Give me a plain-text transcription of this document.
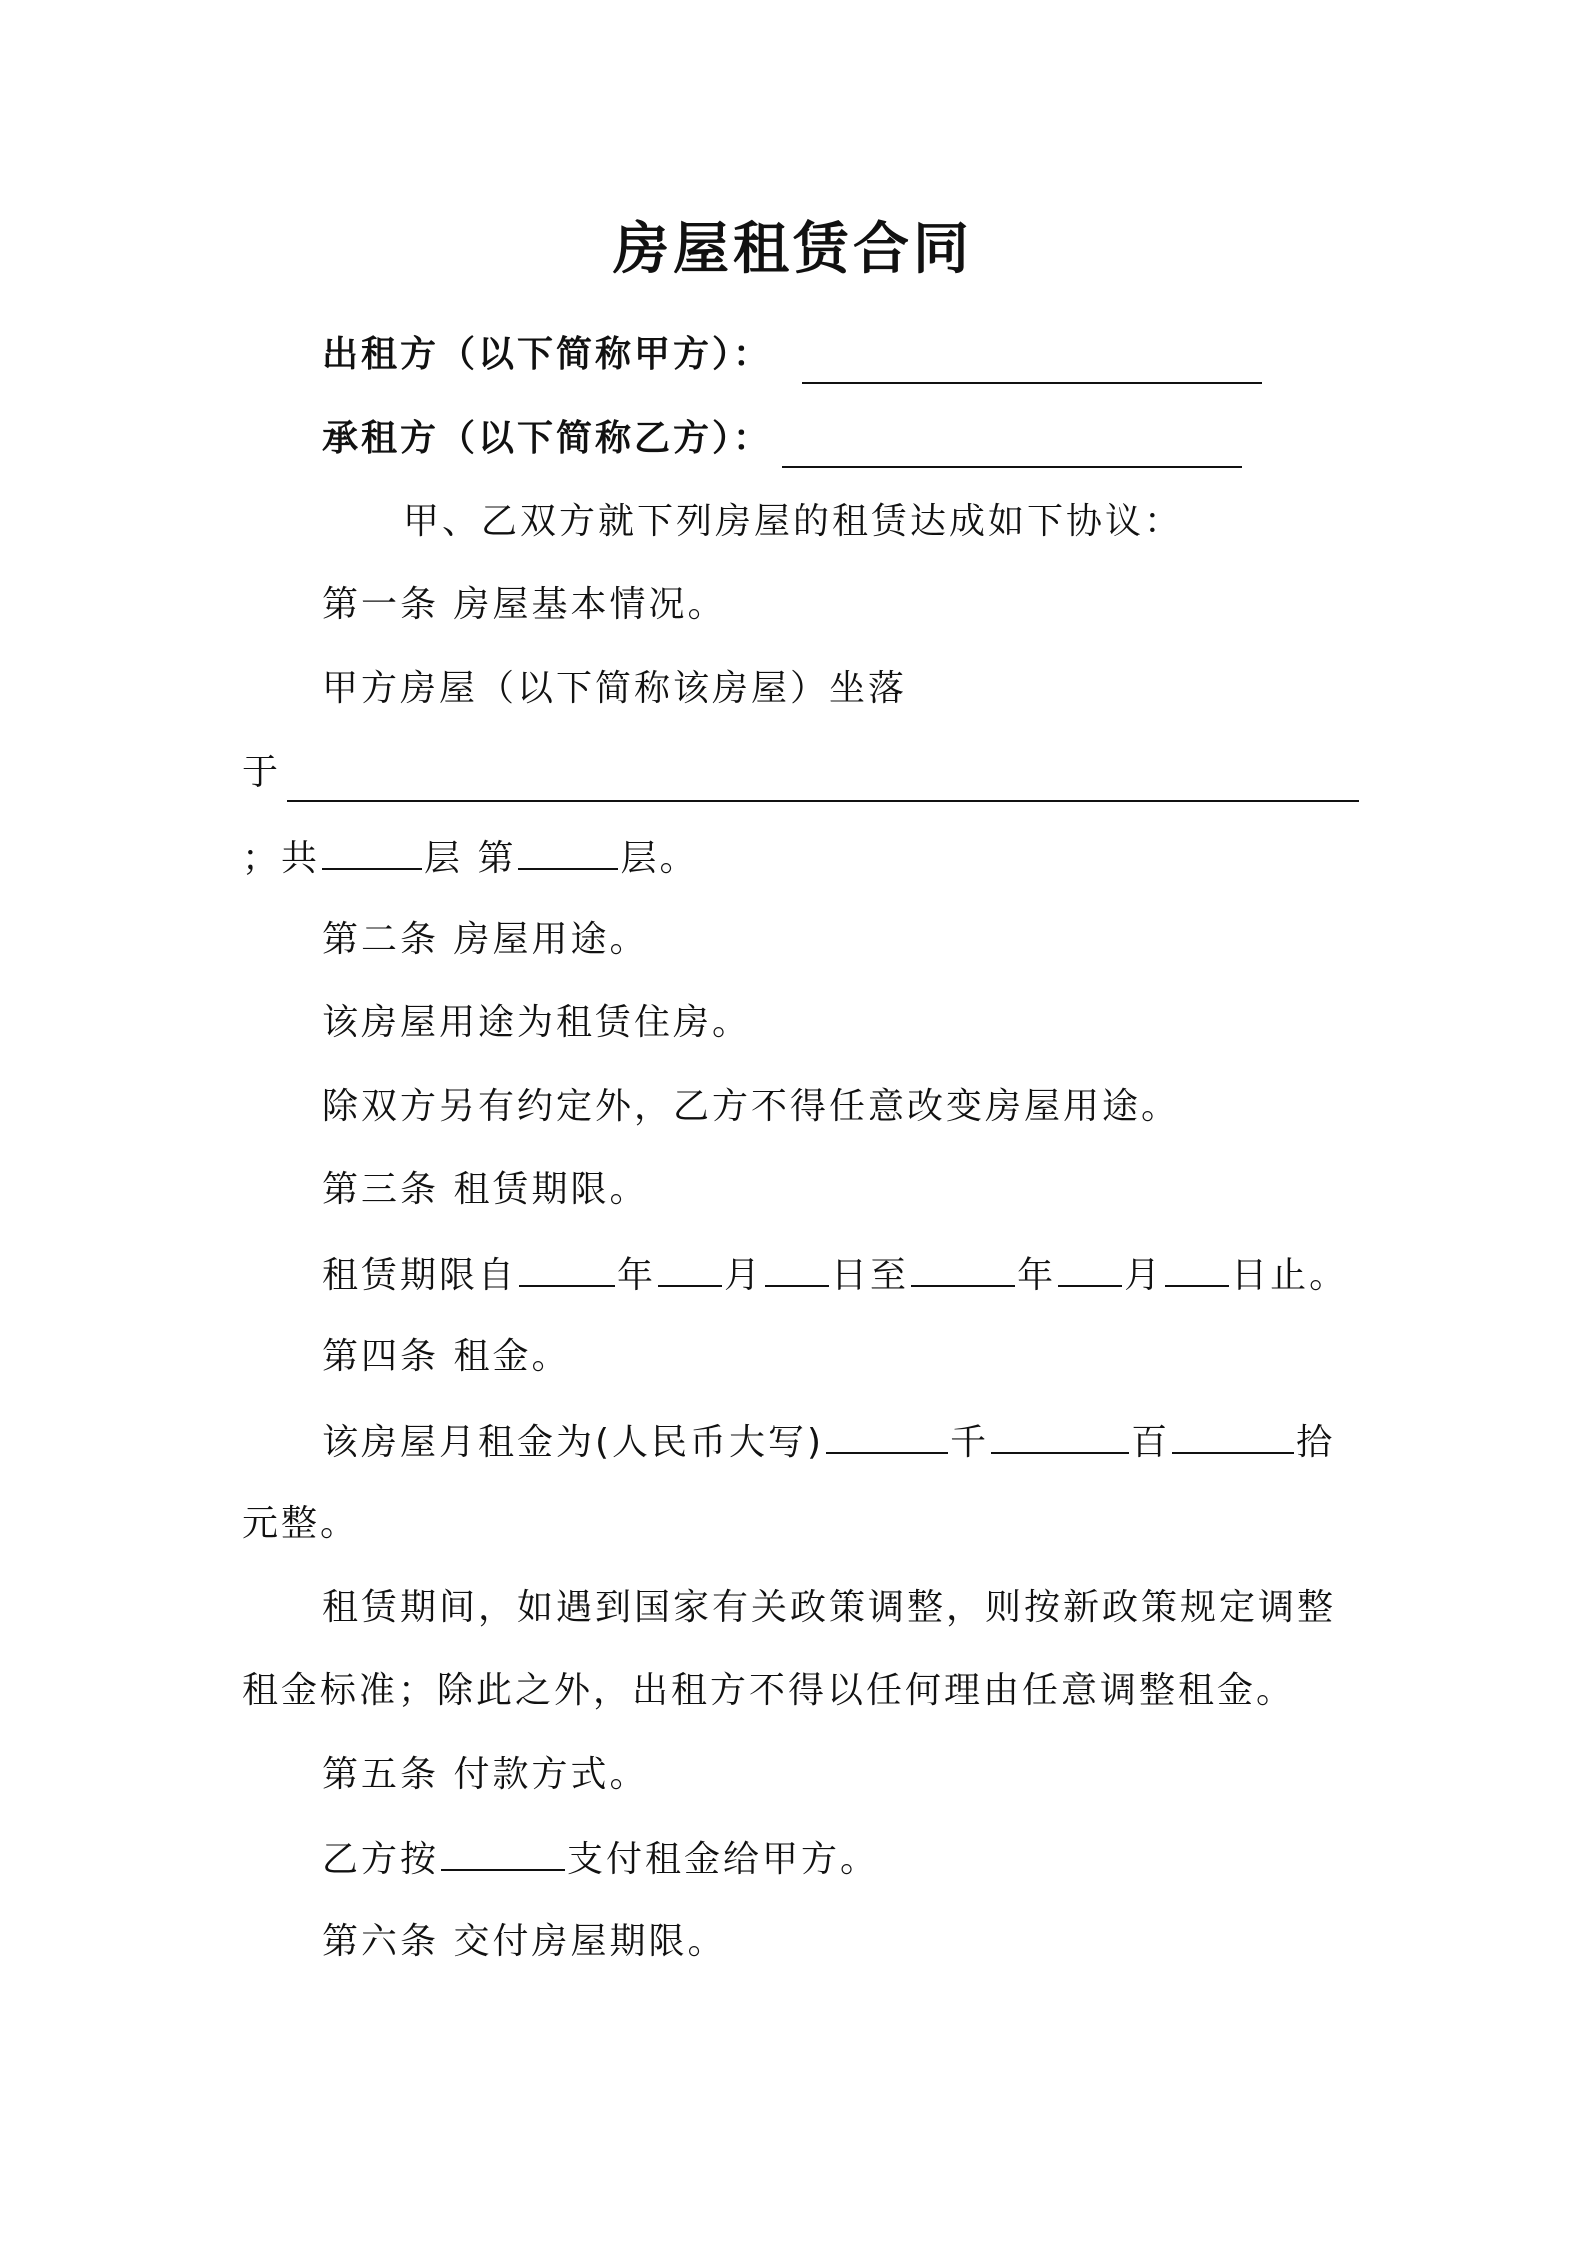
房屋租赁合同
出租方（以下简称甲方）：
承租方（以下简称乙方）：
甲、乙双方就下列房屋的租赁达成如下协议：
第一条 房屋基本情况。
甲方房屋（以下简称该房屋）坐落
于
；共	层 第	层。
第二条 房屋用途。
该房屋用途为租赁住房。
除双方另有约定外，乙方不得任意改变房屋用途。
第三条 租赁期限。
租赁期限自	年 月 日至	年 月 日止。
第四条 租金。
该房屋月租金为(人民币大写)	千	百	拾
元整。
租赁期间，如遇到国家有关政策调整，则按新政策规定调整
租金标准；除此之外，出租方不得以任何理由任意调整租金。
第五条 付款方式。
乙方按	支付租金给甲方。
第六条 交付房屋期限。
